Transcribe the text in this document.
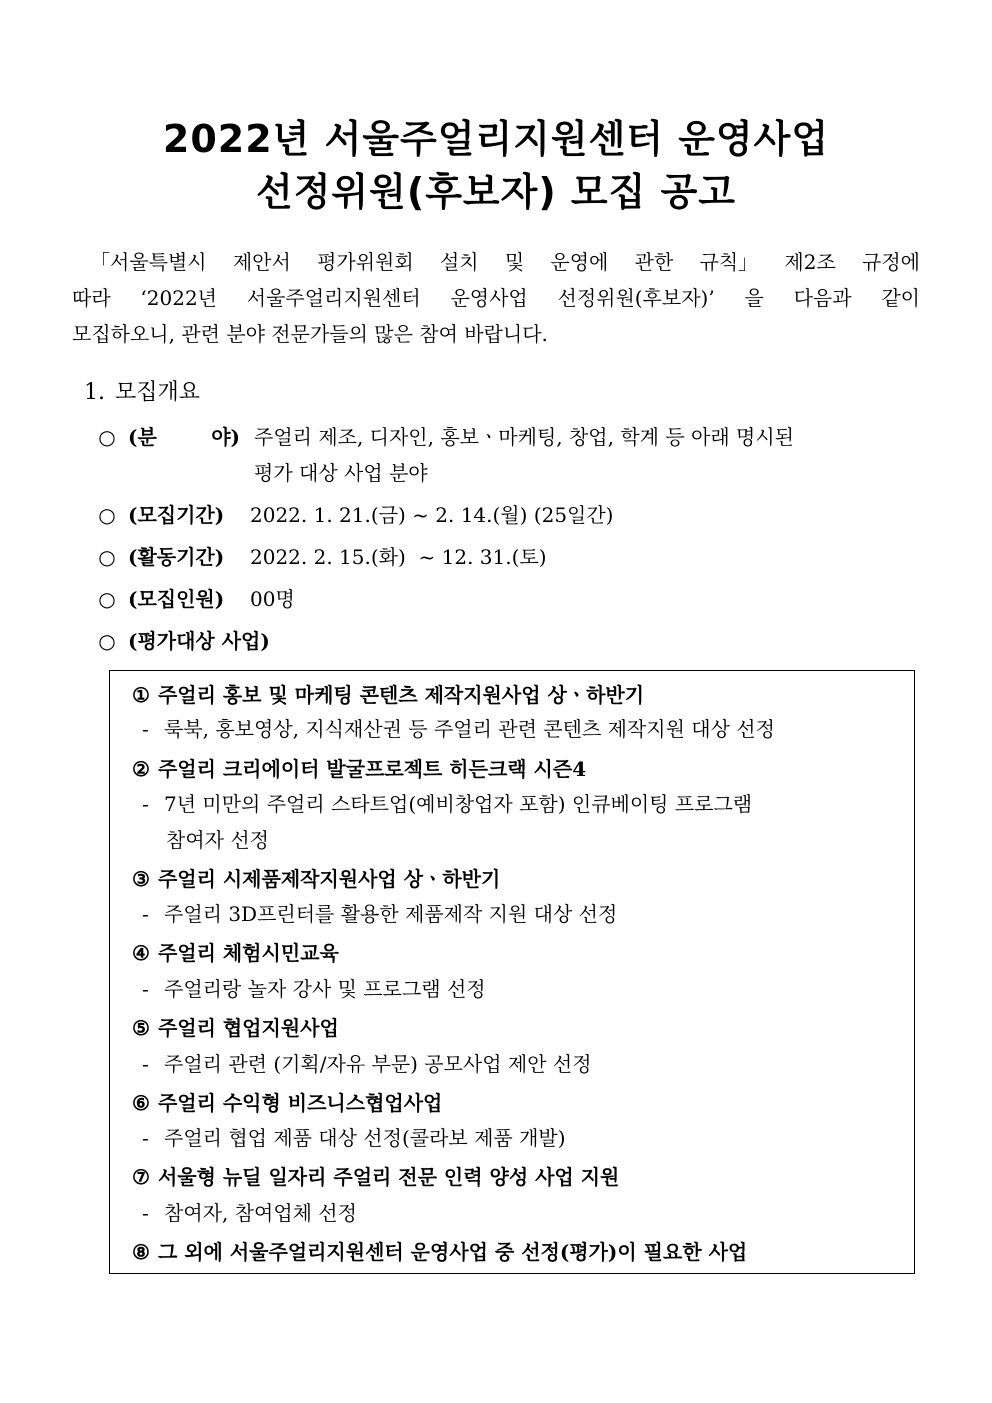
2022년 서울주얼리지원센터 운영사업
선정위원(후보자) 모집 공고
「서울특별시 제안서 평가위원회 설치 및 운영에 관한 규칙」 제2조 규정에
따라 ‘2022년 서울주얼리지원센터 운영사업 선정위원(후보자)’ 을 다음과 같이
모집하오니, 관련 분야 전문가들의 많은 참여 바랍니다.
1. 모집개요
○ (분	야) 주얼리 제조, 디자인, 홍보ㆍ마케팅, 창업, 학계 등 아래 명시된
평가 대상 사업 분야
○ (모집기간) 2022. 1. 21.(금) ~ 2. 14.(월) (25일간)
○ (활동기간) 2022. 2. 15.(화)  ~ 12. 31.(토)
○ (모집인원) 00명
○ (평가대상 사업)
① 주얼리 홍보 및 마케팅 콘텐츠 제작지원사업 상ㆍ하반기
- 룩북, 홍보영상, 지식재산권 등 주얼리 관련 콘텐츠 제작지원 대상 선정
② 주얼리 크리에이터 발굴프로젝트 히든크랙 시즌4
- 7년 미만의 주얼리 스타트업(예비창업자 포함) 인큐베이팅 프로그램
참여자 선정
③ 주얼리 시제품제작지원사업 상ㆍ하반기
- 주얼리 3D프린터를 활용한 제품제작 지원 대상 선정
④ 주얼리 체험시민교육
- 주얼리랑 놀자 강사 및 프로그램 선정
⑤ 주얼리 협업지원사업
- 주얼리 관련 (기획/자유 부문) 공모사업 제안 선정
⑥ 주얼리 수익형 비즈니스협업사업
- 주얼리 협업 제품 대상 선정(콜라보 제품 개발)
⑦ 서울형 뉴딜 일자리 주얼리 전문 인력 양성 사업 지원
- 참여자, 참여업체 선정
⑧ 그 외에 서울주얼리지원센터 운영사업 중 선정(평가)이 필요한 사업
